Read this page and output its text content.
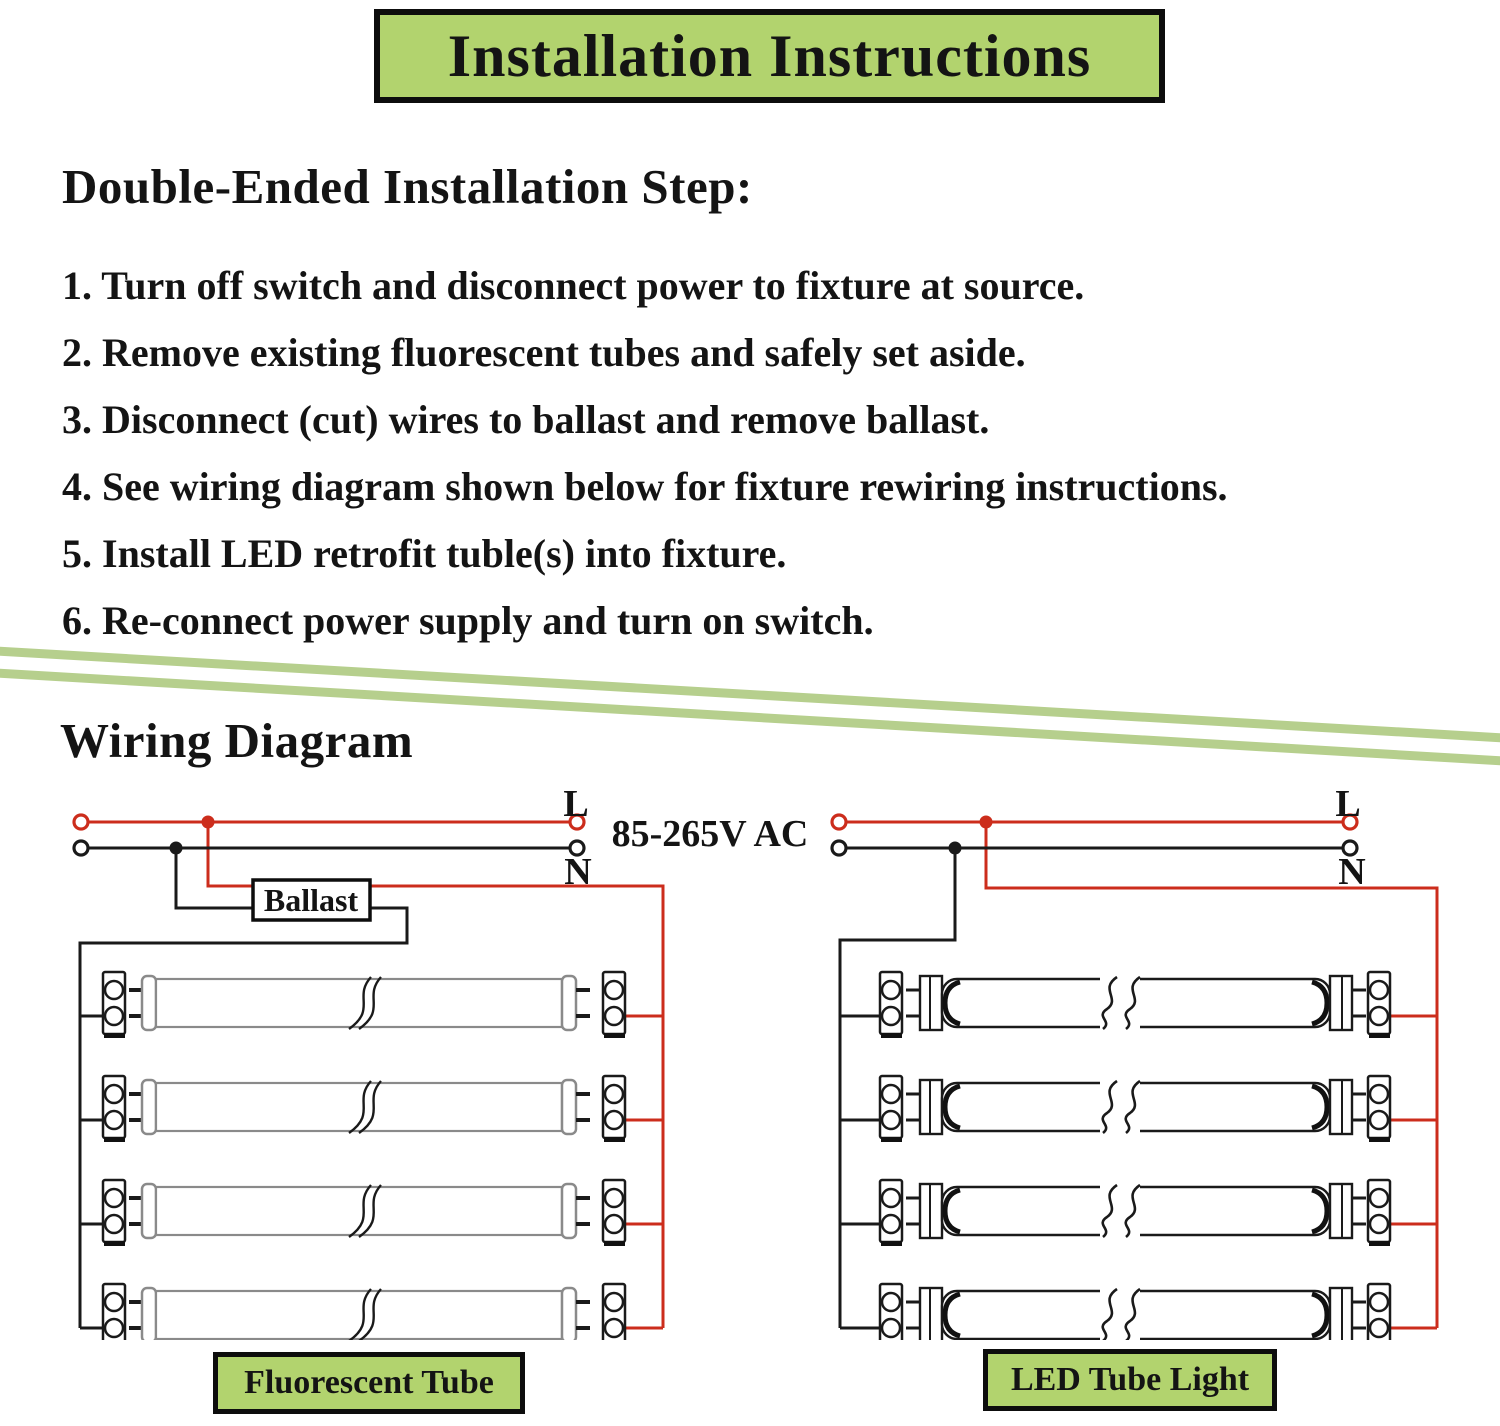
Installation Instructions
Double-Ended Installation Step:

1. Turn off switch and disconnect power to fixture at source.

2. Remove existing fluorescent tubes and safely set aside.

3. Disconnect (cut) wires to ballast and remove ballast.

4. See wiring diagram shown below for fixture rewiring instructions.

5. Install LED retrofit tuble(s) into fixture.

6. Re-connect power supply and turn on switch.

Wiring Diagram
Ballast
L
N
85-265V AC
L
N
Fluorescent Tube	LED Tube Light
